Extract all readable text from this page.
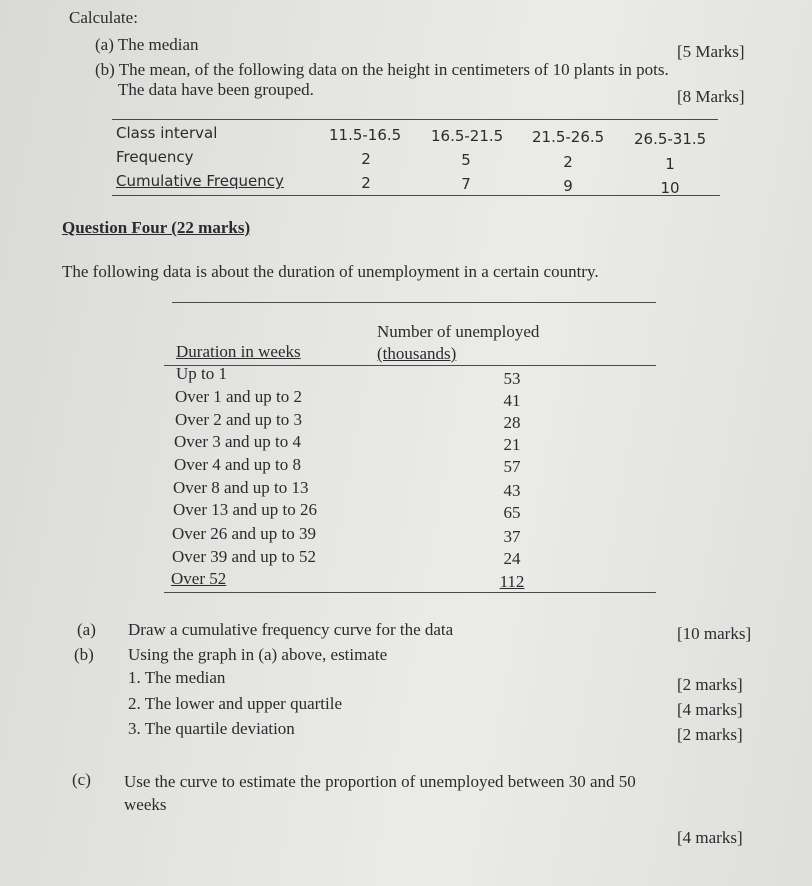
Calculate:
(a) The median	[5 Marks]
(b) The mean, of the following data on the height in centimeters of 10 plants in pots.
The data have been grouped.	[8 Marks]
Class interval	11.5-16.5 16.5-21.5 21.5-26.5 26.5-31.5
Frequency	2	5	2	1
Cumulative Frequency	2	7	9	10
Question Four (22 marks)
The following data is about the duration of unemployment in a certain country.
Number of unemployed
Duration in weeks	(thousands)
Up to 1	53
Over 1 and up to 2	41
Over 2 and up to 3	28
Over 3 and up to 4	21
Over 4 and up to 8	57
Over 8 and up to 13	43
Over 13 and up to 26	65
Over 26 and up to 39	37
Over 39 and up to 52	24
Over 52	112
(a) Draw a cumulative frequency curve for the data	[10 marks]
(b) Using the graph in (a) above, estimate
1. The median	[2 marks]
2. The lower and upper quartile	[4 marks]
3. The quartile deviation	[2 marks]
(c) Use the curve to estimate the proportion of unemployed between 30 and 50
weeks
[4 marks]
